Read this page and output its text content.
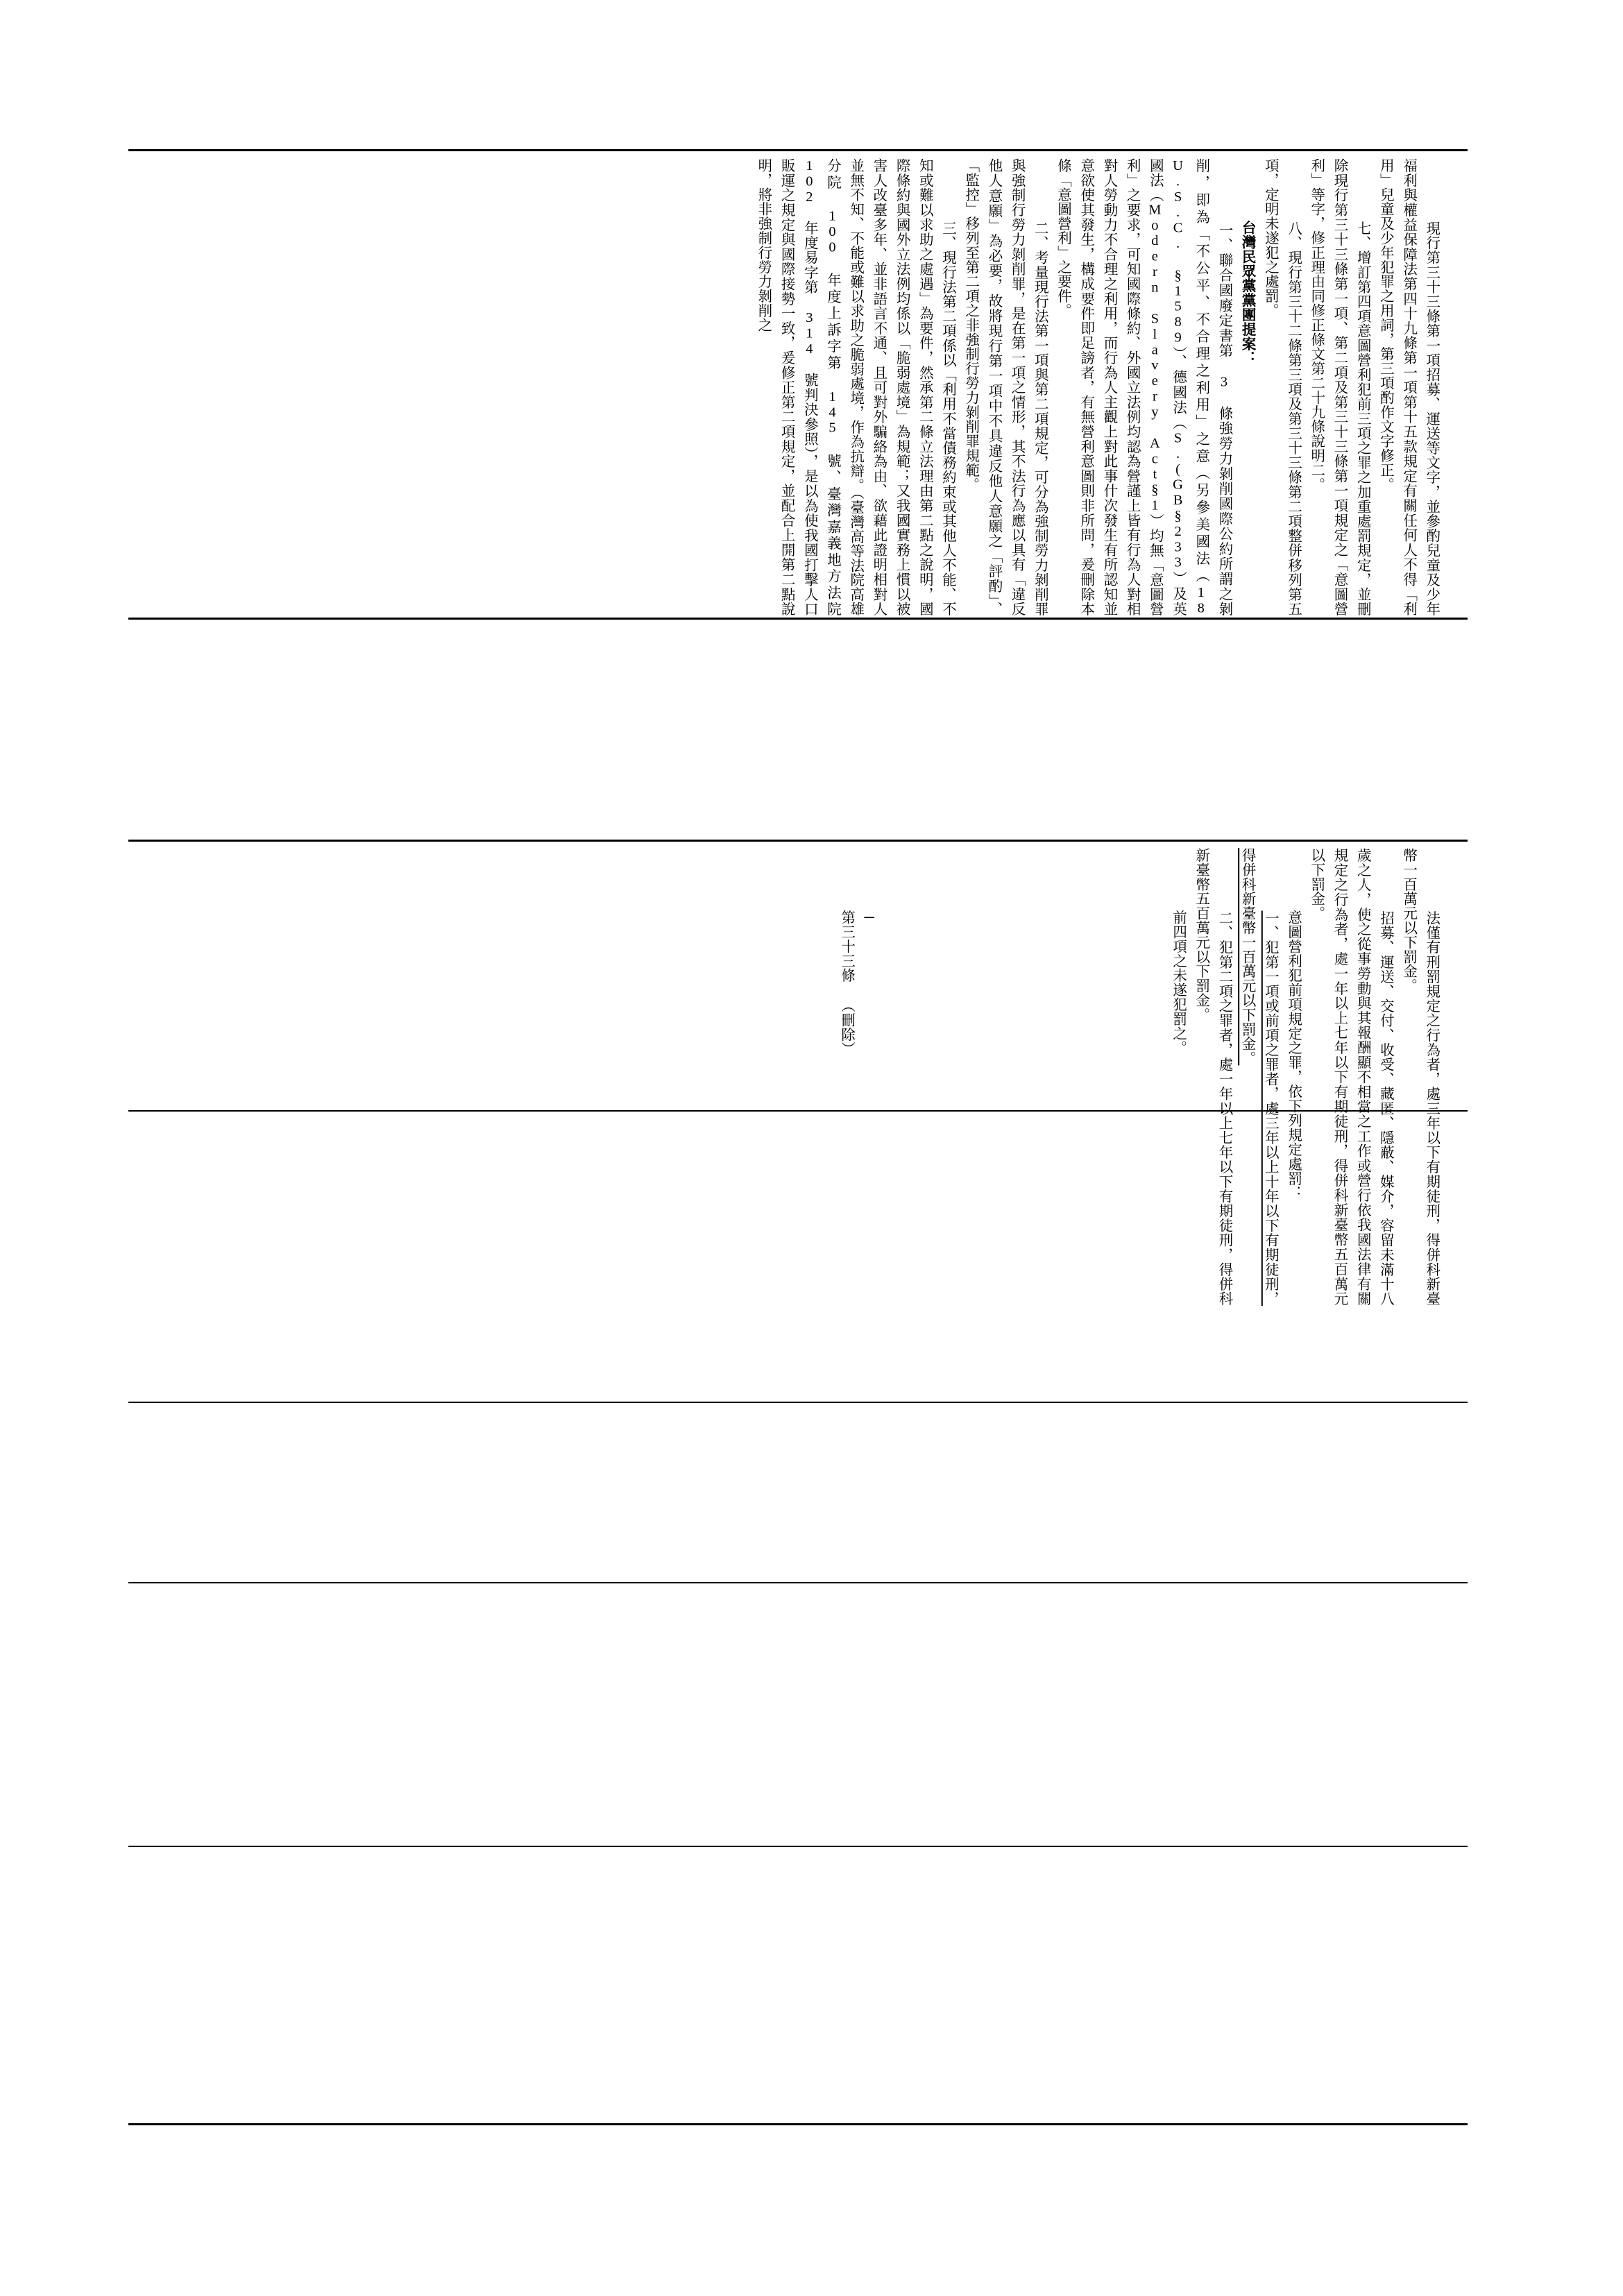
現行第三十三條第一項招募、運送等文字，並參酌兒童及少年福利與權益保障法第四十九條第一項第十五款規定有關任何人不得「利用」兒童及少年犯罪之用詞，第三項酌作文字修正。
七、增訂第四項意圖營利犯前三項之罪之加重處罰規定，並刪除現行第三十三條第一項、第二項及第三十三條第一項規定之「意圖營利」等字，修正理由同修正條文第二十九條說明二。
八、現行第三十二條第三項及第三十三條第二項整併移列第五項，定明未遂犯之處罰。
台灣民眾黨黨團提案：
一、聯合國廢定書第 3 條強勞力剝削國際公約所謂之剝削，即為「不公平、不合理之利用」之意（另參美國法（18 U.S.C. §1589）、德國法（S.(GB§233）及英國法（Modern Slavery Act§1）均無「意圖營利」之要求，可知國際條約、外國立法例均認為營謹上皆有行為人對相對人勞動力不合理之利用，而行為人主觀上對此事什次發生有所認知並意欲使其發生，構成要件即足謗者，有無營利意圖則非所問，爰刪除本條「意圖營利」之要件。
二、考量現行法第一項與第二項規定，可分為強制勞力剝削罪與強制行勞力剝削罪，是在第一項之情形，其不法行為應以具有「違反他人意願」為必要，故將現行第一項中不具違反他人意願之「評酌」、「監控」移列至第二項之非強制行勞力剝削罪規範。
三、現行法第二項係以「利用不當債務約束或其他人不能、不知或難以求助之處遇」為要件，然承第二條立法理由第二點之說明，國際條約與國外立法例均係以「脆弱處境」為規範；又我國實務上慣以被害人改臺多年、並非語言不通、且可對外騙絡為由、欲藉此證明相對人並無不知、不能或難以求助之脆弱處境，作為抗辯。（臺灣高等法院高雄分院 100 年度上訴字第 145 號、臺灣嘉義地方法院 102 年度易字第 314 號判決參照），是以為使我國打擊人口販運之規定與國際接勢一致，爰修正第二項規定，並配合上開第二點說明，將非強制行勞力剝削之

法僅有刑罰規定之行為者，處三年以下有期徒刑，得併科新臺幣一百萬元以下罰金。
招募、運送、交付、收受、藏匿、隱蔽、媒介，容留未滿十八歲之人，使之從事勞動與其報酬顯不相當之工作或營行依我國法律有關規定之行為者，處一年以上七年以下有期徒刑，得併科新臺幣五百萬元以下罰金。
意圖營利犯前項規定之罪，依下列規定處罰：
一、犯第一項或前項之罪者，處三年以上十年以下有期徒刑，得併科新臺幣一百萬元以下罰金。
二、犯第二項之罪者，處一年以上七年以下有期徒刑，得併科新臺幣五百萬元以下罰金。
前四項之未遂犯罰之。

─
第三十三條 （刪除）
